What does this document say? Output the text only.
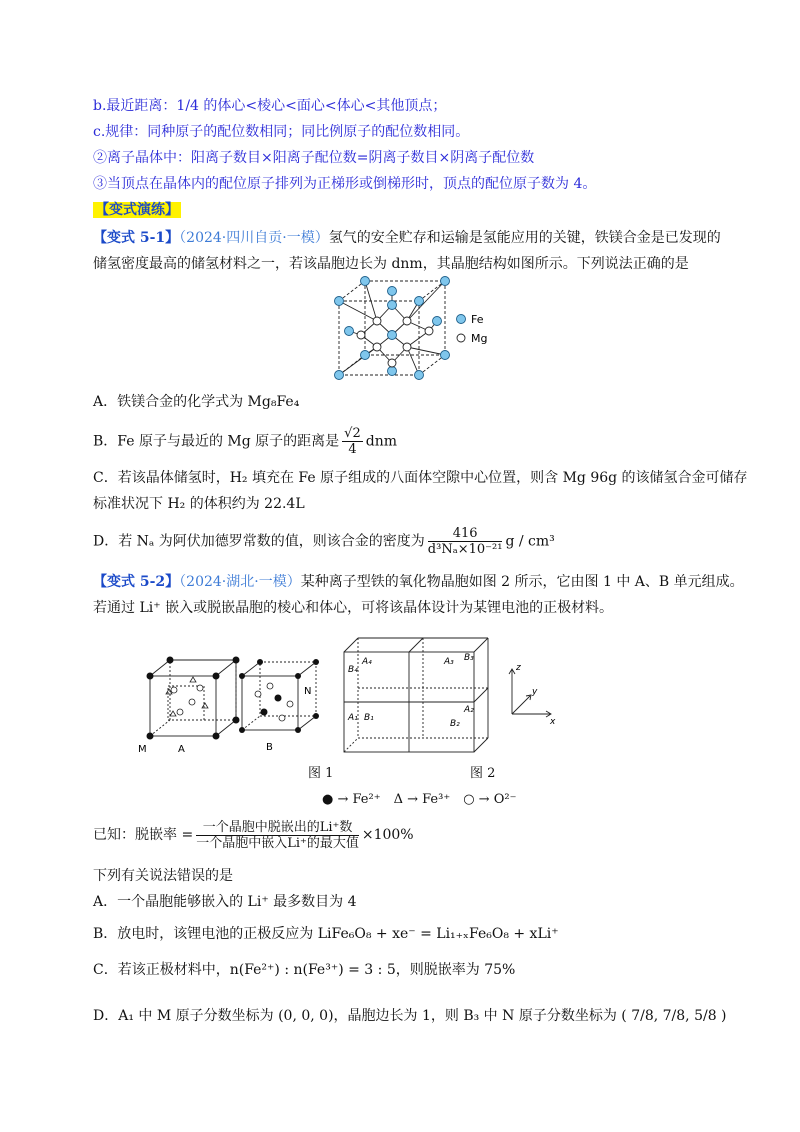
b.最近距离：1/4 的体心<棱心<面心<体心<其他顶点；
c.规律：同种原子的配位数相同；同比例原子的配位数相同。
②离子晶体中：阳离子数目×阳离子配位数=阴离子数目×阴离子配位数
③当顶点在晶体内的配位原子排列为正梯形或倒梯形时，顶点的配位原子数为 4。
【变式演练】
【变式 5-1】（2024·四川自贡·一模）氢气的安全贮存和运输是氢能应用的关键，铁镁合金是已发现的
储氢密度最高的储氢材料之一，若该晶胞边长为 dnm，其晶胞结构如图所示。下列说法正确的是
Fe
Mg
A．铁镁合金的化学式为 Mg₈Fe₄
B．Fe 原子与最近的 Mg 原子的距离是 $\frac{√2}{4}$ dnm
C．若该晶体储氢时，H₂ 填充在 Fe 原子组成的八面体空隙中心位置，则含 Mg 96g 的该储氢合金可储存
标准状况下 H₂ 的体积约为 22.4L
D．若 Nₐ 为阿伏加德罗常数的值，则该合金的密度为 $\frac{416}{\text{d³Nₐ×10⁻²¹}}$ g / cm³
【变式 5-2】（2024·湖北·一模）某种离子型铁的氧化物晶胞如图 2 所示，它由图 1 中 A、B 单元组成。
若通过 Li⁺ 嵌入或脱嵌晶胞的棱心和体心，可将该晶体设计为某锂电池的正极材料。
M	A
N
B
B₄
A₄	A₃ B₃
A₁ B₁
B₂
A₂
z
y
x
图 1	图 2
● → Fe²⁺　Δ → Fe³⁺　○ → O²⁻
已知：脱嵌率 = $\frac{\text{一个晶胞中脱嵌出的Li⁺数}}{\text{一个晶胞中嵌入Li⁺的最大值}} \times 100\%$
下列有关说法错误的是
A．一个晶胞能够嵌入的 Li⁺ 最多数目为 4
B．放电时，该锂电池的正极反应为 LiFe₆O₈ + xe⁻ = Li₁₊ₓFe₆O₈ + xLi⁺
C．若该正极材料中，n(Fe²⁺) : n(Fe³⁺) = 3 : 5，则脱嵌率为 75%
D．A₁ 中 M 原子分数坐标为 (0, 0, 0)，晶胞边长为 1，则 B₃ 中 N 原子分数坐标为 ( 7/8, 7/8, 5/8 )
